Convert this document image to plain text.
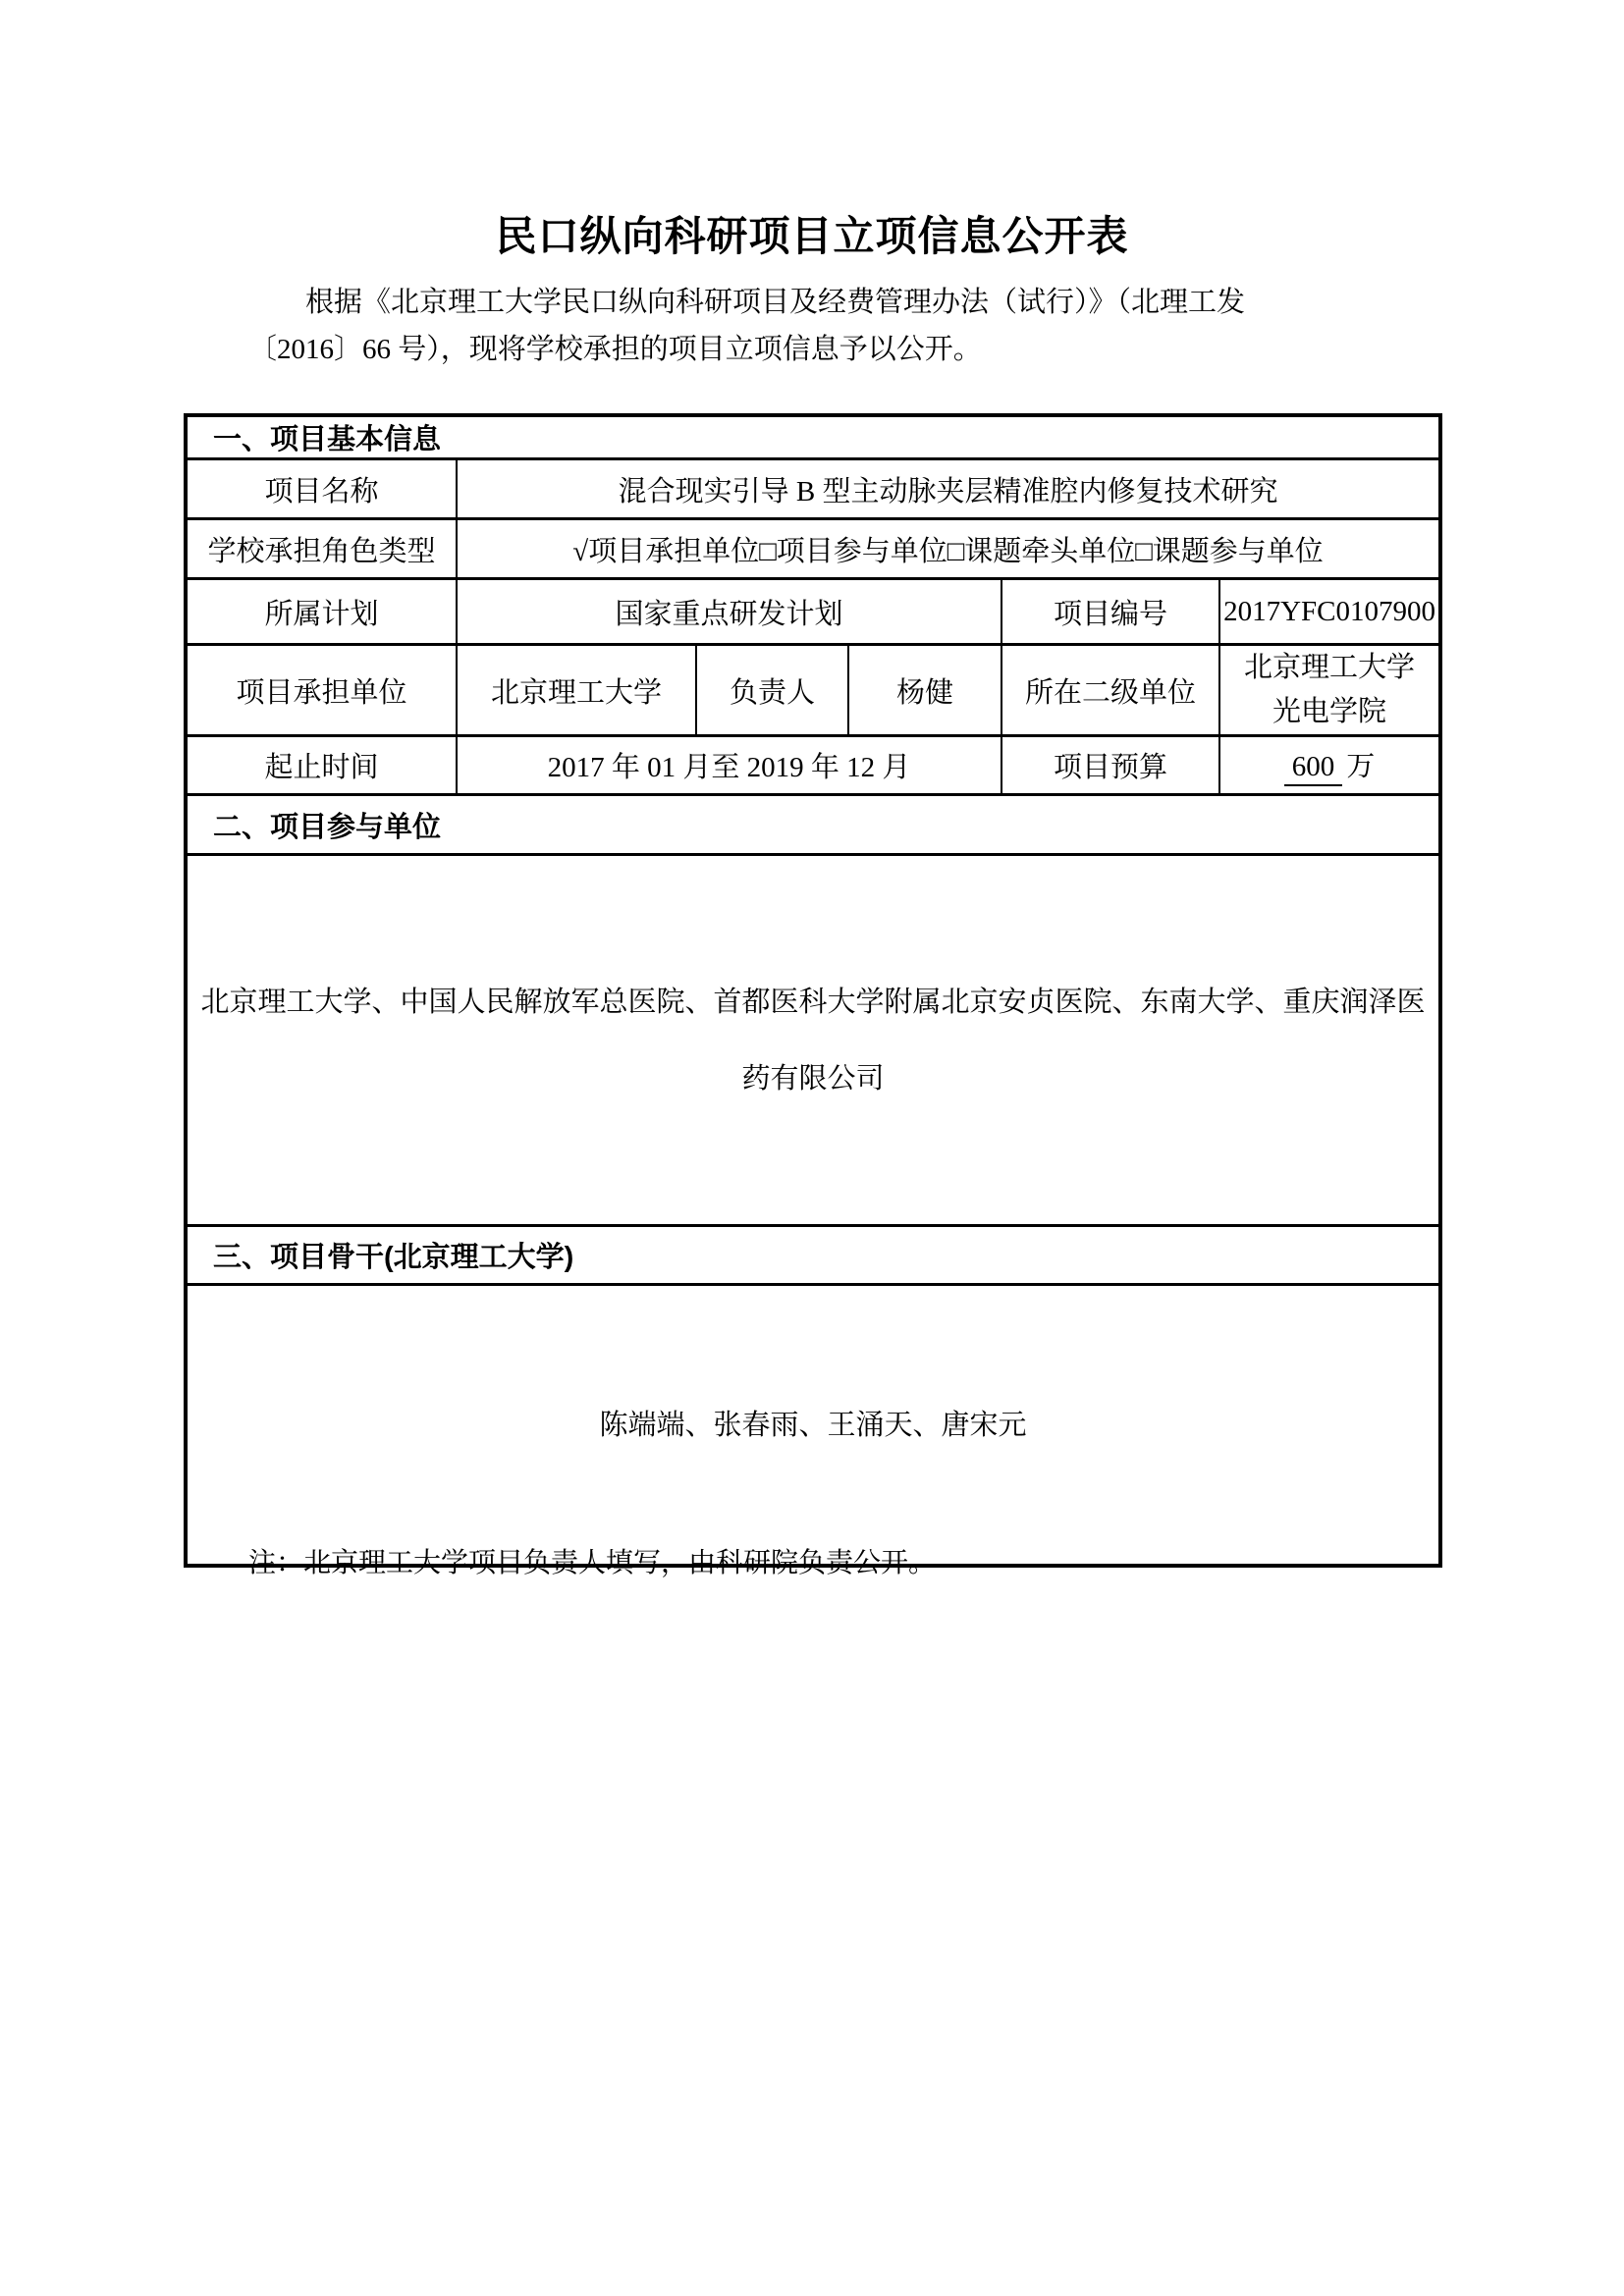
民口纵向科研项目立项信息公开表
根据《北京理工大学民口纵向科研项目及经费管理办法（试行）》（北理工发
〔2016〕66 号），现将学校承担的项目立项信息予以公开。
一、项目基本信息					
项目名称	混合现实引导 B 型主动脉夹层精准腔内修复技术研究				
学校承担角色类型	√项目承担单位□项目参与单位□课题牵头单位□课题参与单位				
所属计划	国家重点研发计划			项目编号	2017YFC0107900
项目承担单位	北京理工大学	负责人	杨健	所在二级单位	北京理工大学
光电学院

起止时间	2017 年 01 月至 2019 年 12 月			项目预算	600 万
二、项目参与单位					
北京理工大学、中国人民解放军总医院、首都医科大学附属北京安贞医院、东南大学、重庆润泽医药有限公司					
三、项目骨干(北京理工大学)					
陈端端、张春雨、王涌天、唐宋元					
注：北京理工大学项目负责人填写，由科研院负责公开。
